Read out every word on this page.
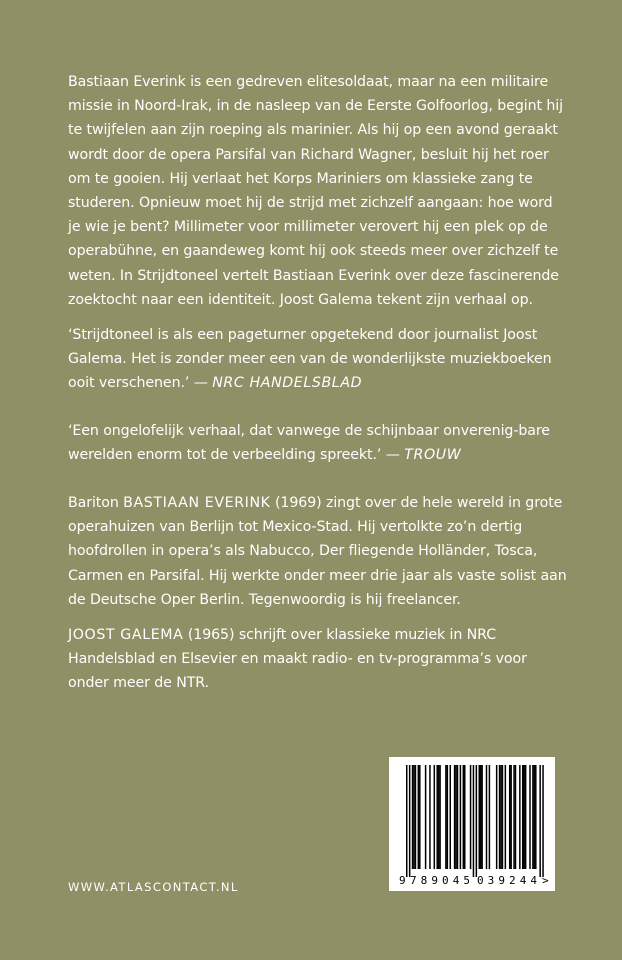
Bastiaan Everink is een gedreven elitesoldaat, maar na een militaire missie in Noord-Irak, in de nasleep van de Eerste Golfoorlog, begint hij te twijfelen aan zijn roeping als marinier. Als hij op een avond geraakt wordt door de opera Parsifal van Richard Wagner, besluit hij het roer om te gooien. Hij verlaat het Korps Mariniers om klassieke zang te studeren. Opnieuw moet hij de strijd met zichzelf aangaan: hoe word je wie je bent? Millimeter voor millimeter verovert hij een plek op de operabühne, en gaandeweg komt hij ook steeds meer over zichzelf te weten. In Strijdtoneel vertelt Bastiaan Everink over deze fascinerende zoektocht naar een identiteit. Joost Galema tekent zijn verhaal op.

‘Strijdtoneel is als een pageturner opgetekend door journalist Joost Galema. Het is zonder meer een van de wonderlijkste muziekboeken ooit verschenen.’ — NRC HANDELSBLAD

‘Een ongelofelijk verhaal, dat vanwege de schijnbaar onverenig-bare werelden enorm tot de verbeelding spreekt.’ — TROUW

Bariton BASTIAAN EVERINK (1969) zingt over de hele wereld in grote operahuizen van Berlijn tot Mexico-Stad. Hij vertolkte zo’n dertig hoofdrollen in opera’s als Nabucco, Der fliegende Holländer, Tosca, Carmen en Parsifal. Hij werkte onder meer drie jaar als vaste solist aan de Deutsche Oper Berlin. Tegenwoordig is hij freelancer.

JOOST GALEMA (1965) schrijft over klassieke muziek in NRC Handelsblad en Elsevier en maakt radio- en tv-programma’s voor onder meer de NTR.

WWW.ATLASCONTACT.NL	9 789045 039244 >
